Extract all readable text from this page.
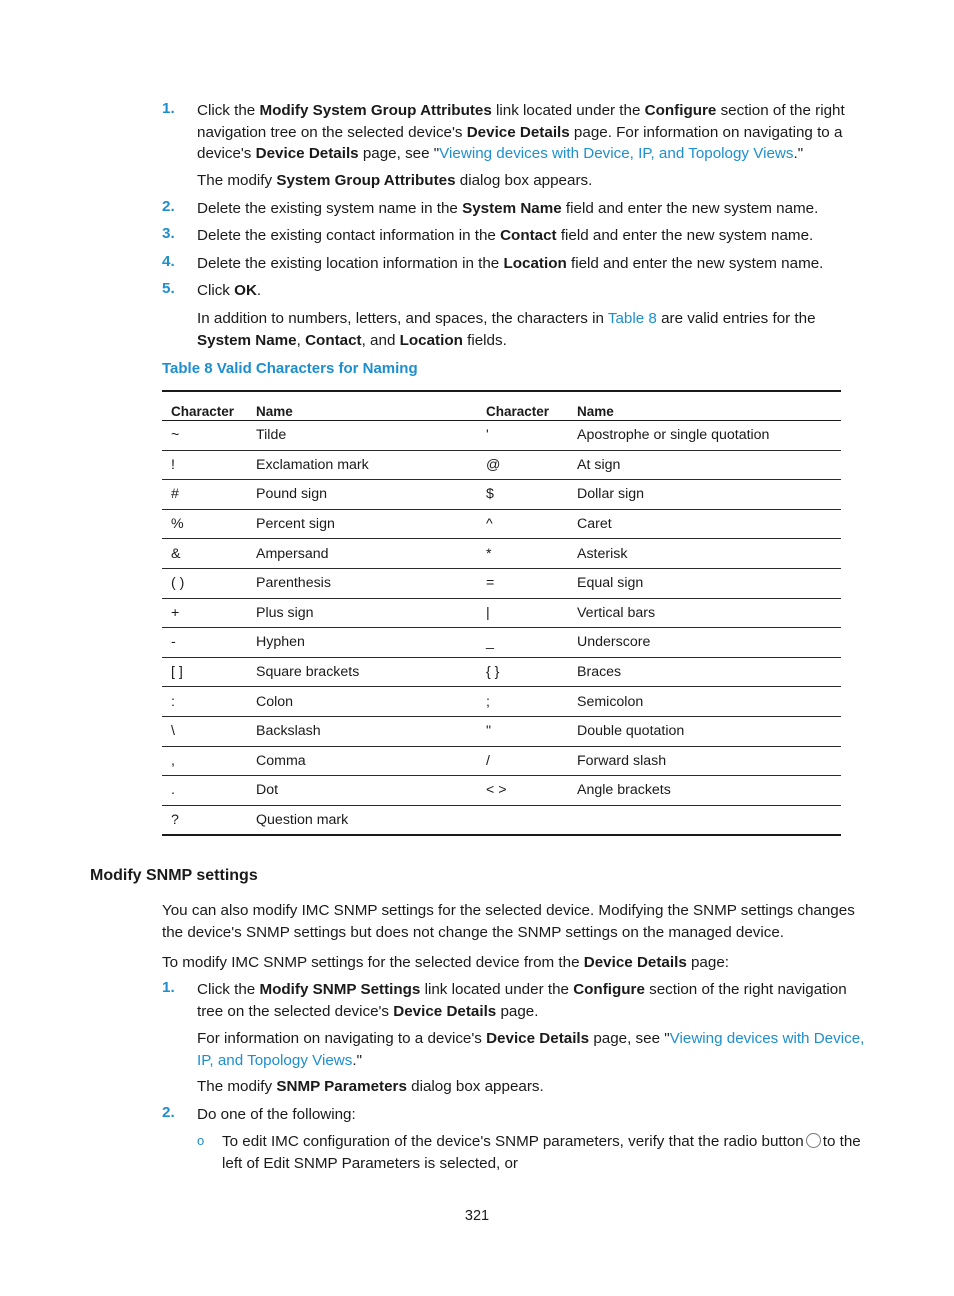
1. Click the Modify System Group Attributes link located under the Configure section of the right navigation tree on the selected device's Device Details page. For information on navigating to a device's Device Details page, see "Viewing devices with Device, IP, and Topology Views."
The modify System Group Attributes dialog box appears.
2. Delete the existing system name in the System Name field and enter the new system name.
3. Delete the existing contact information in the Contact field and enter the new system name.
4. Delete the existing location information in the Location field and enter the new system name.
5. Click OK.
In addition to numbers, letters, and spaces, the characters in Table 8 are valid entries for the System Name, Contact, and Location fields.
Table 8 Valid Characters for Naming
Character	Name	Character	Name
~	Tilde	'	Apostrophe or single quotation
!	Exclamation mark	@	At sign
#	Pound sign	$	Dollar sign
%	Percent sign	^	Caret
&	Ampersand	*	Asterisk
( )	Parenthesis	=	Equal sign
+	Plus sign	|	Vertical bars
-	Hyphen	_	Underscore
[ ]	Square brackets	{ }	Braces
:	Colon	;	Semicolon
\	Backslash	"	Double quotation
,	Comma	/	Forward slash
.	Dot	< >	Angle brackets
?	Question mark		
Modify SNMP settings
You can also modify IMC SNMP settings for the selected device. Modifying the SNMP settings changes the device's SNMP settings but does not change the SNMP settings on the managed device.
To modify IMC SNMP settings for the selected device from the Device Details page:
1. Click the Modify SNMP Settings link located under the Configure section of the right navigation tree on the selected device's Device Details page.
For information on navigating to a device's Device Details page, see "Viewing devices with Device, IP, and Topology Views."
The modify SNMP Parameters dialog box appears.
2. Do one of the following:
o To edit IMC configuration of the device's SNMP parameters, verify that the radio button to the left of Edit SNMP Parameters is selected, or
321
